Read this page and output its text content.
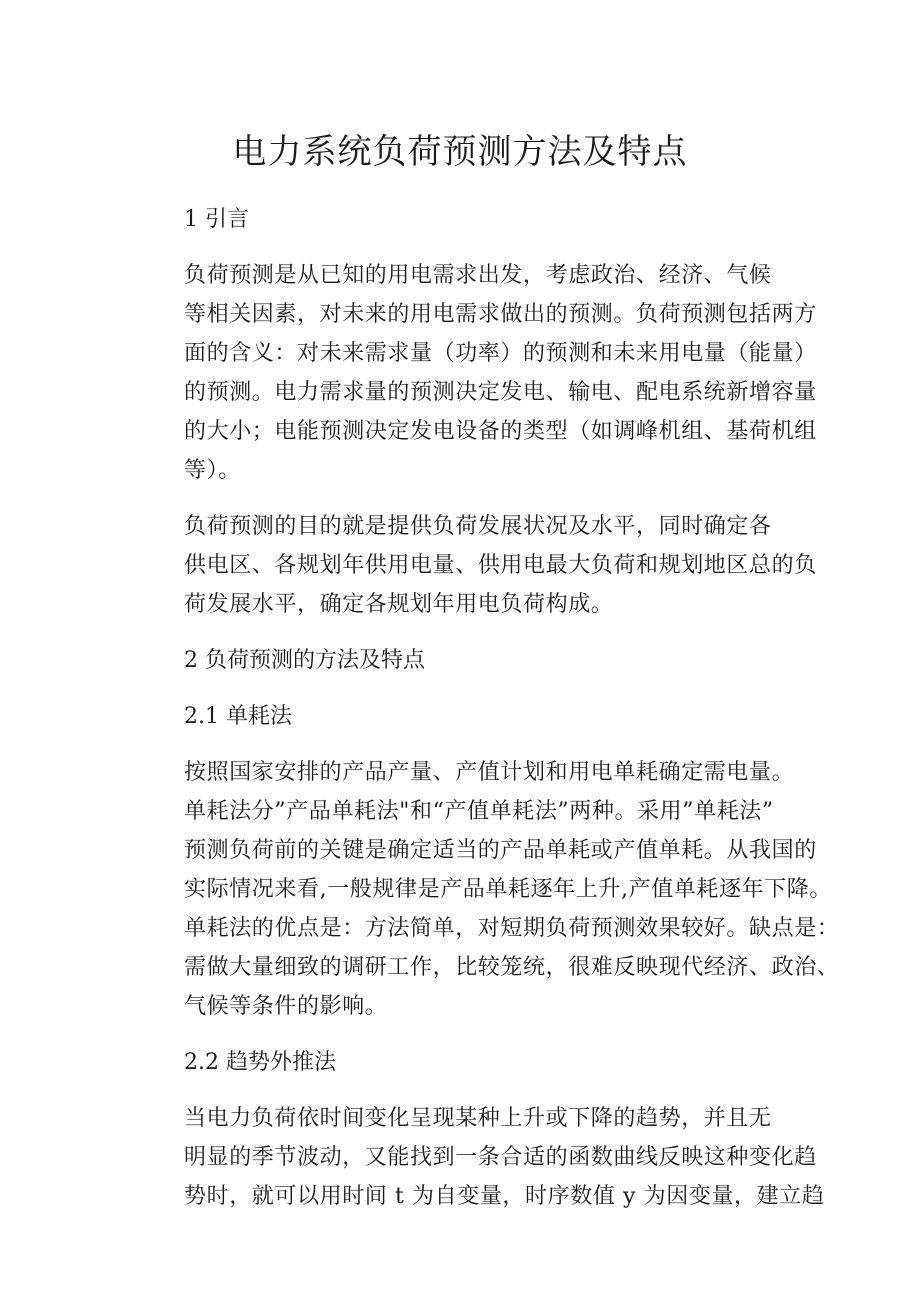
电力系统负荷预测方法及特点
1 引言
负荷预测是从已知的用电需求出发，考虑政治、经济、气候
等相关因素，对未来的用电需求做出的预测。负荷预测包括两方
面的含义：对未来需求量（功率）的预测和未来用电量（能量）
的预测。电力需求量的预测决定发电、输电、配电系统新增容量
的大小；电能预测决定发电设备的类型（如调峰机组、基荷机组
等）。
负荷预测的目的就是提供负荷发展状况及水平，同时确定各
供电区、各规划年供用电量、供用电最大负荷和规划地区总的负
荷发展水平，确定各规划年用电负荷构成。
2 负荷预测的方法及特点
2.1 单耗法
按照国家安排的产品产量、产值计划和用电单耗确定需电量。
单耗法分”产品单耗法"和“产值单耗法”两种。采用”单耗法”
预测负荷前的关键是确定适当的产品单耗或产值单耗。从我国的
实际情况来看,一般规律是产品单耗逐年上升,产值单耗逐年下降。
单耗法的优点是：方法简单，对短期负荷预测效果较好。缺点是：
需做大量细致的调研工作，比较笼统，很难反映现代经济、政治、
气候等条件的影响。
2.2 趋势外推法
当电力负荷依时间变化呈现某种上升或下降的趋势，并且无
明显的季节波动，又能找到一条合适的函数曲线反映这种变化趋
势时，就可以用时间 t 为自变量，时序数值 y 为因变量，建立趋
